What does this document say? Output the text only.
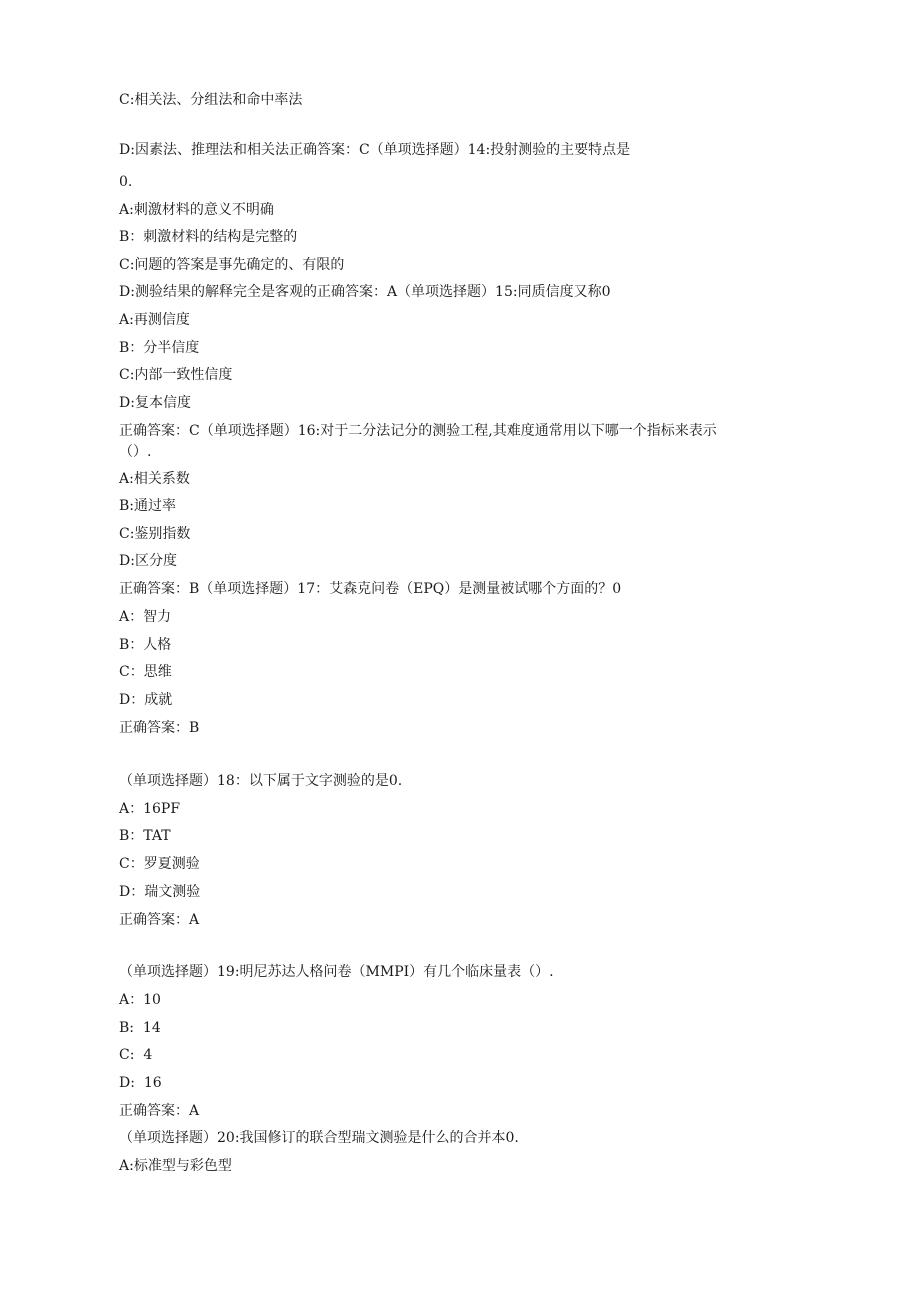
C:相关法、分组法和命中率法

D:因素法、推理法和相关法正确答案：C（单项选择题）14:投射测验的主要特点是

0.

A:刺激材料的意义不明确

B：刺激材料的结构是完整的

C:问题的答案是事先确定的、有限的

D:测验结果的解释完全是客观的正确答案：A（单项选择题）15:同质信度又称0

A:再测信度

B：分半信度

C:内部一致性信度

D:复本信度

正确答案：C（单项选择题）16:对于二分法记分的测验工程,其难度通常用以下哪一个指标来表示

（）.

A:相关系数

B:通过率

C:鉴别指数

D:区分度

正确答案：B（单项选择题）17：艾森克问卷（EPQ）是测量被试哪个方面的？0

A：智力

B：人格

C：思维

D：成就

正确答案：B

（单项选择题）18：以下属于文字测验的是0.

A：16PF

B：TAT

C：罗夏测验

D：瑞文测验

正确答案：A

（单项选择题）19:明尼苏达人格问卷（MMPI）有几个临床量表（）.

A：10

B:  14

C:  4

D:  16

正确答案：A

（单项选择题）20:我国修订的联合型瑞文测验是什么的合并本0.

A:标准型与彩色型
